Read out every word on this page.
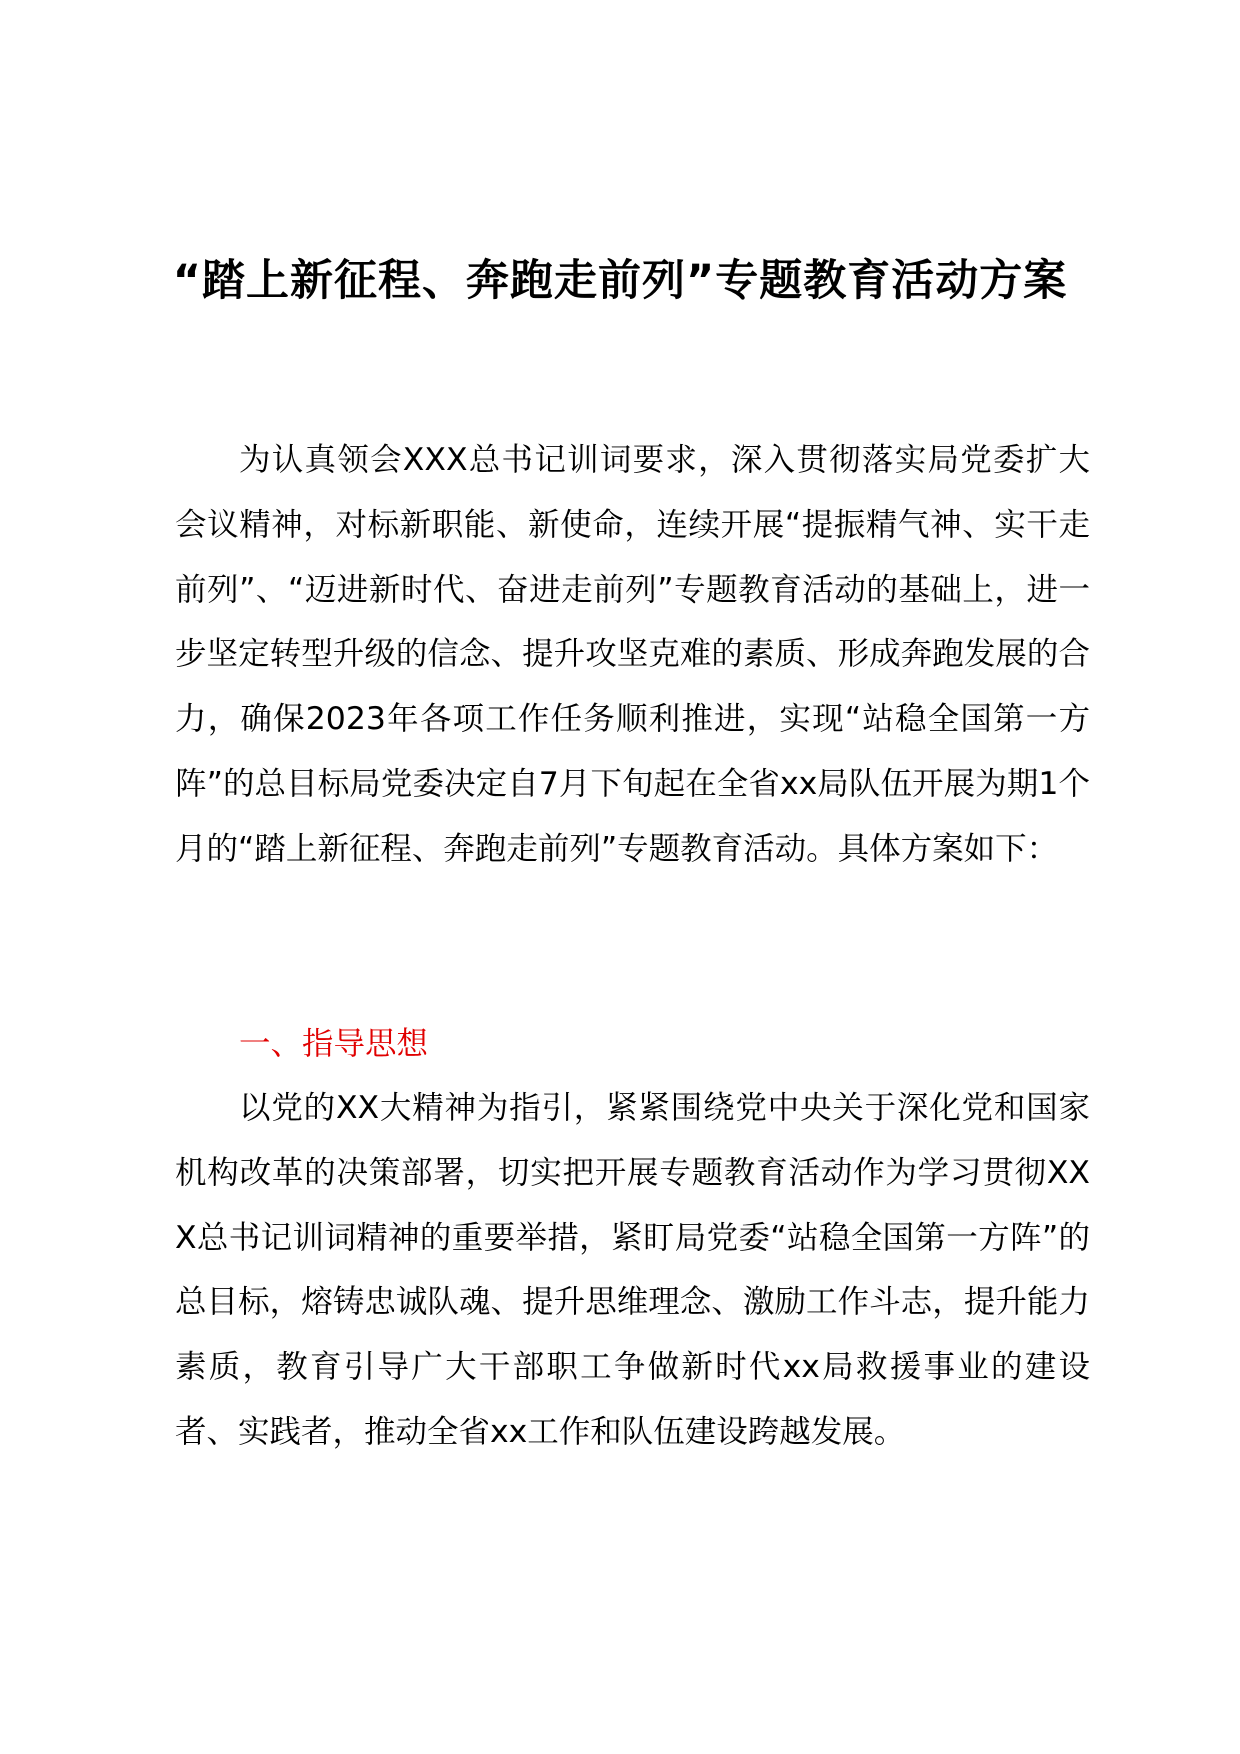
“踏上新征程、奔跑走前列”专题教育活动方案

为认真领会XXX总书记训词要求，深入贯彻落实局党委扩大会议精神，对标新职能、新使命，连续开展“提振精气神、实干走前列”、“迈进新时代、奋进走前列”专题教育活动的基础上，进一步坚定转型升级的信念、提升攻坚克难的素质、形成奔跑发展的合力，确保2023年各项工作任务顺利推进，实现“站稳全国第一方阵”的总目标局党委决定自7月下旬起在全省xx局队伍开展为期1个月的“踏上新征程、奔跑走前列”专题教育活动。具体方案如下：

一、指导思想

以党的XX大精神为指引，紧紧围绕党中央关于深化党和国家机构改革的决策部署，切实把开展专题教育活动作为学习贯彻XXX总书记训词精神的重要举措，紧盯局党委“站稳全国第一方阵”的总目标，熔铸忠诚队魂、提升思维理念、激励工作斗志，提升能力素质，教育引导广大干部职工争做新时代xx局救援事业的建设者、实践者，推动全省xx工作和队伍建设跨越发展。
